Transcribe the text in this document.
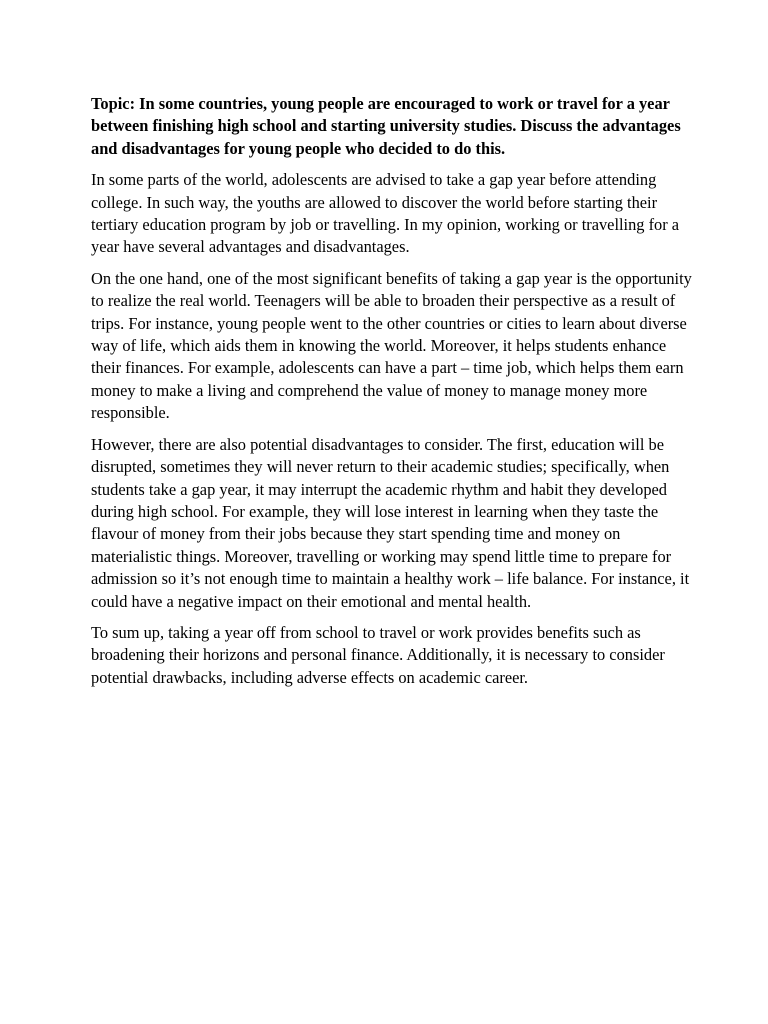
Topic: In some countries, young people are encouraged to work or travel for a year between finishing high school and starting university studies. Discuss the advantages and disadvantages for young people who decided to do this.

In some parts of the world, adolescents are advised to take a gap year before attending college. In such way, the youths are allowed to discover the world before starting their tertiary education program by job or travelling. In my opinion, working or travelling for a year have several advantages and disadvantages.

On the one hand, one of the most significant benefits of taking a gap year is the opportunity to realize the real world. Teenagers will be able to broaden their perspective as a result of trips. For instance, young people went to the other countries or cities to learn about diverse way of life, which aids them in knowing the world. Moreover, it helps students enhance their finances. For example, adolescents can have a part – time job, which helps them earn money to make a living and comprehend the value of money to manage money more responsible.

However, there are also potential disadvantages to consider. The first, education will be disrupted, sometimes they will never return to their academic studies; specifically, when students take a gap year, it may interrupt the academic rhythm and habit they developed during high school. For example, they will lose interest in learning when they taste the flavour of money from their jobs because they start spending time and money on materialistic things. Moreover, travelling or working may spend little time to prepare for admission so it’s not enough time to maintain a healthy work – life balance. For instance, it could have a negative impact on their emotional and mental health.

To sum up, taking a year off from school to travel or work provides benefits such as broadening their horizons and personal finance. Additionally, it is necessary to consider potential drawbacks, including adverse effects on academic career.
